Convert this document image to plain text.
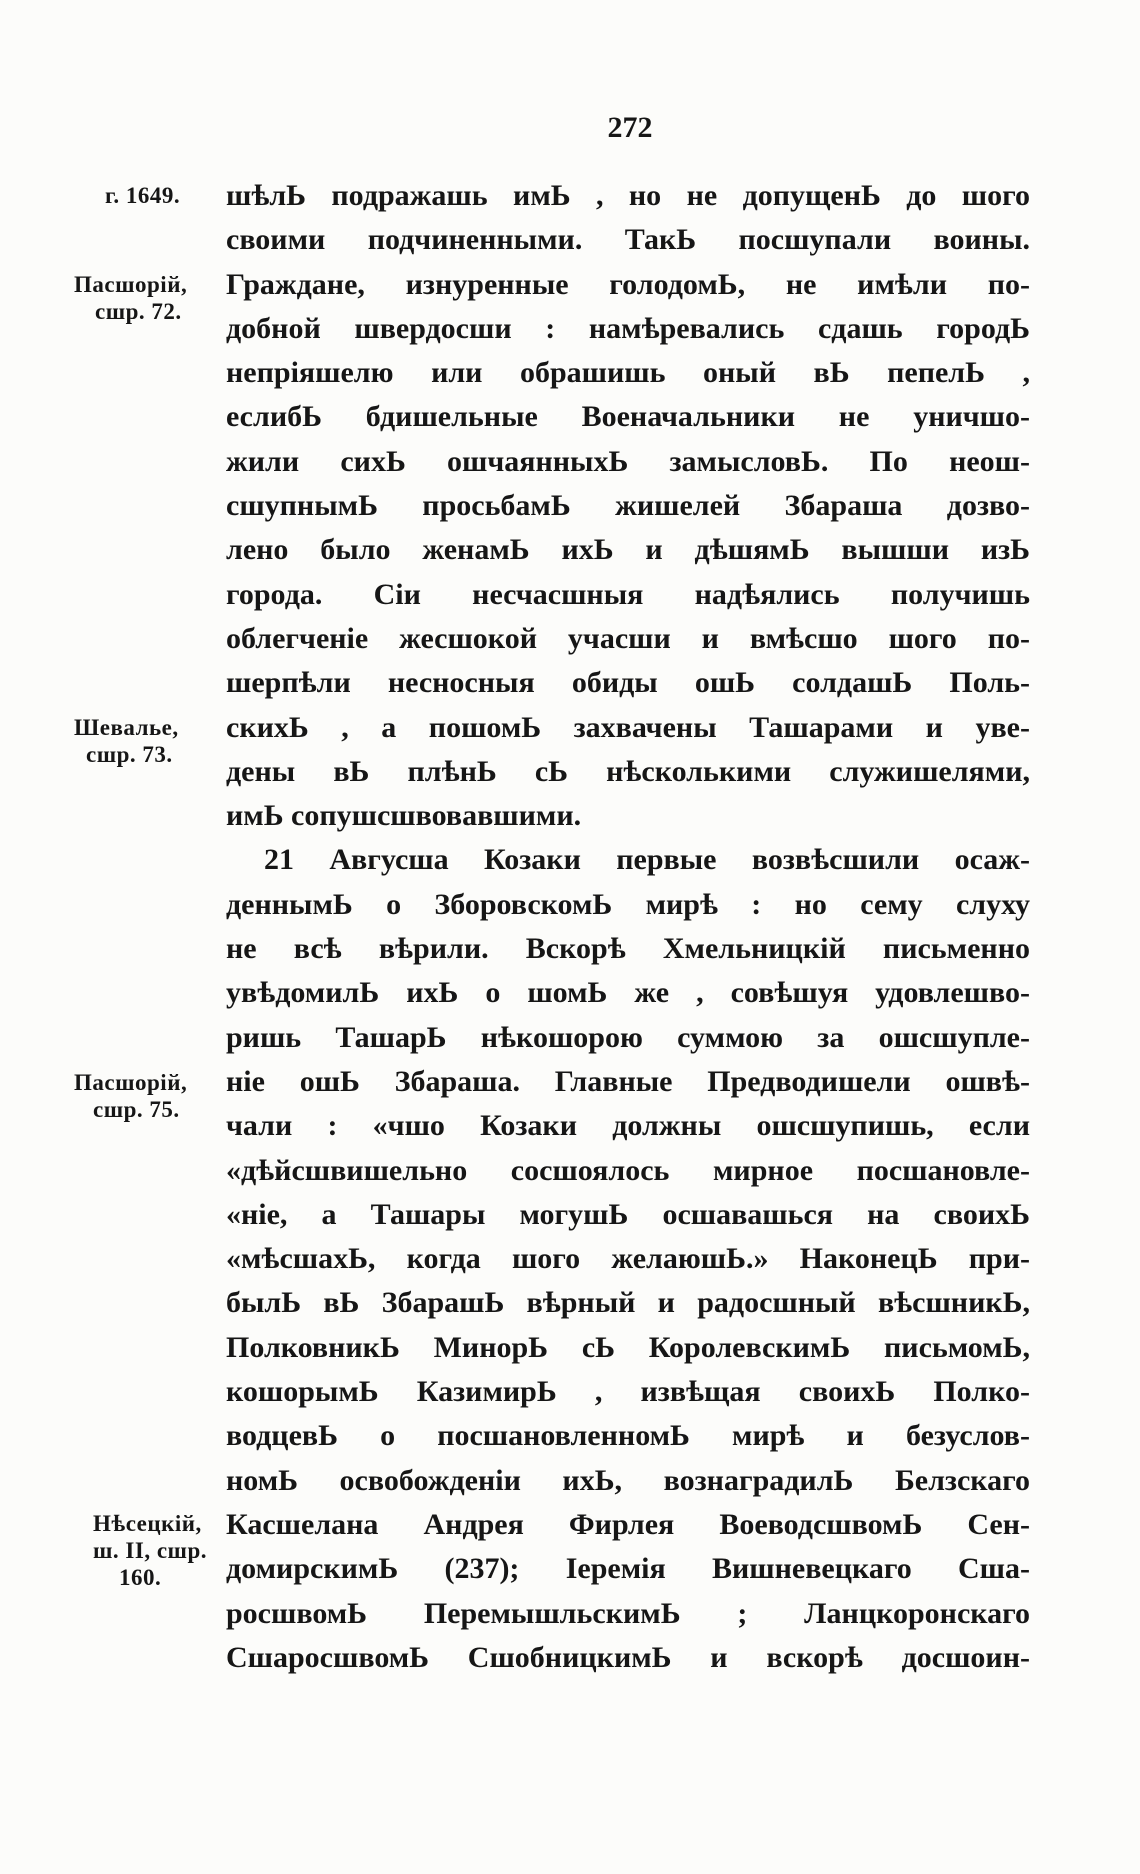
272
г. 1649.
Пасшорій,
сшр. 72.
Шевалье,
сшр. 73.
Пасшорій,
сшр. 75.
Нѣсецкій,
ш. II, сшр.
160.
шѣлЬ подражашь имЬ , но не допущенЬ до шого
своими подчиненными. ТакЬ посшупали воины.
Граждане, изнуренные голодомЬ, не имѣли по-
добной швердосши : намѣревались сдашь городЬ
непріяшелю или обрашишь оный вЬ пепелЬ ,
еслибЬ бдишельные Военачальники не уничшо-
жили сихЬ ошчаянныхЬ замысловЬ. По неош-
сшупнымЬ просьбамЬ жишелей Збараша дозво-
лено было женамЬ ихЬ и дѣшямЬ вышши изЬ
города. Сіи несчасшныя надѣялись получишь
облегченіе жесшокой учасши и вмѣсшо шого по-
шерпѣли несносныя обиды ошЬ солдашЬ Поль-
скихЬ , а пошомЬ захвачены Ташарами и уве-
дены вЬ плѣнЬ сЬ нѣсколькими служишелями,
имЬ сопушсшвовавшими.
21 Авгусша Козаки первые возвѣсшили осаж-
деннымЬ о ЗборовскомЬ мирѣ : но сему слуху
не всѣ вѣрили. Вскорѣ Хмельницкій письменно
увѣдомилЬ ихЬ о шомЬ же , совѣшуя удовлешво-
ришь ТашарЬ нѣкошорою суммою за ошсшупле-
ніе ошЬ Збараша. Главные Предводишели ошвѣ-
чали : «чшо Козаки должны ошсшупишь, если
«дѣйсшвишельно сосшоялось мирное посшановле-
«ніе, а Ташары могушЬ осшавашься на своихЬ
«мѣсшахЬ, когда шого желаюшЬ.» НаконецЬ при-
былЬ вЬ ЗбарашЬ вѣрный и радосшный вѣсшникЬ,
ПолковникЬ МинорЬ сЬ КоролевскимЬ письмомЬ,
кошорымЬ КазимирЬ , извѣщая своихЬ Полко-
водцевЬ о посшановленномЬ мирѣ и безуслов-
номЬ освобожденіи ихЬ, вознаградилЬ Белзскаго
Касшелана Андрея Фирлея ВоеводсшвомЬ Сен-
домирскимЬ (237); Іеремія Вишневецкаго Сша-
росшвомЬ ПеремышльскимЬ ; Ланцкоронскаго
СшаросшвомЬ СшобницкимЬ и вскорѣ досшоин-
